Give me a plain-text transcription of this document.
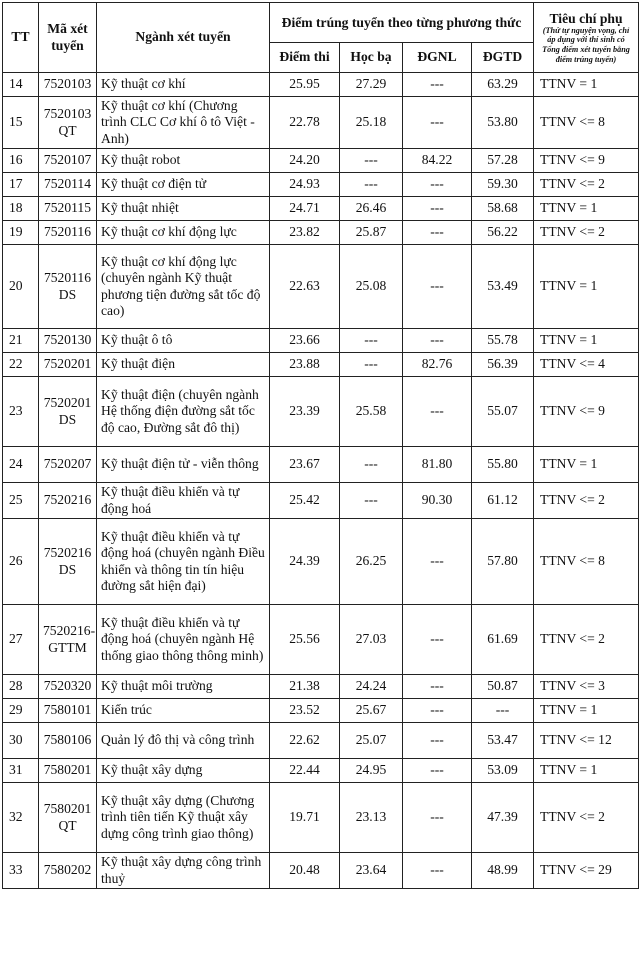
TT	Mã xét tuyển	Ngành xét tuyển	Điểm trúng tuyển theo từng phương thức				Tiêu chí phụ
(Thứ tự nguyện vọng, chỉ áp dụng với thí sinh có Tổng điểm xét tuyển bằng điểm trúng tuyển)

			Điểm thi	Học bạ	ĐGNL	ĐGTD	
14	7520103	Kỹ thuật cơ khí	25.95	27.29	---	63.29	TTNV = 1
15	7520103 QT	Kỹ thuật cơ khí (Chương trình CLC Cơ khí ô tô Việt - Anh)	22.78	25.18	---	53.80	TTNV <= 8
16	7520107	Kỹ thuật robot	24.20	---	84.22	57.28	TTNV <= 9
17	7520114	Kỹ thuật cơ điện tử	24.93	---	---	59.30	TTNV <= 2
18	7520115	Kỹ thuật nhiệt	24.71	26.46	---	58.68	TTNV = 1
19	7520116	Kỹ thuật cơ khí động lực	23.82	25.87	---	56.22	TTNV <= 2
20	7520116 DS	Kỹ thuật cơ khí động lực (chuyên ngành Kỹ thuật phương tiện đường sắt tốc độ cao)	22.63	25.08	---	53.49	TTNV = 1
21	7520130	Kỹ thuật ô tô	23.66	---	---	55.78	TTNV = 1
22	7520201	Kỹ thuật điện	23.88	---	82.76	56.39	TTNV <= 4
23	7520201 DS	Kỹ thuật điện (chuyên ngành Hệ thống điện đường sắt tốc độ cao, Đường sắt đô thị)	23.39	25.58	---	55.07	TTNV <= 9
24	7520207	Kỹ thuật điện tử - viễn thông	23.67	---	81.80	55.80	TTNV = 1
25	7520216	Kỹ thuật điều khiển và tự động hoá	25.42	---	90.30	61.12	TTNV <= 2
26	7520216 DS	Kỹ thuật điều khiển và tự động hoá (chuyên ngành Điều khiển và thông tin tín hiệu đường sắt hiện đại)	24.39	26.25	---	57.80	TTNV <= 8
27	7520216-GTTM	Kỹ thuật điều khiển và tự động hoá (chuyên ngành Hệ thống giao thông thông minh)	25.56	27.03	---	61.69	TTNV <= 2
28	7520320	Kỹ thuật môi trường	21.38	24.24	---	50.87	TTNV <= 3
29	7580101	Kiến trúc	23.52	25.67	---	---	TTNV = 1
30	7580106	Quản lý đô thị và công trình	22.62	25.07	---	53.47	TTNV <= 12
31	7580201	Kỹ thuật xây dựng	22.44	24.95	---	53.09	TTNV = 1
32	7580201 QT	Kỹ thuật xây dựng (Chương trình tiên tiến Kỹ thuật xây dựng công trình giao thông)	19.71	23.13	---	47.39	TTNV <= 2
33	7580202	Kỹ thuật xây dựng công trình thuỷ	20.48	23.64	---	48.99	TTNV <= 29
